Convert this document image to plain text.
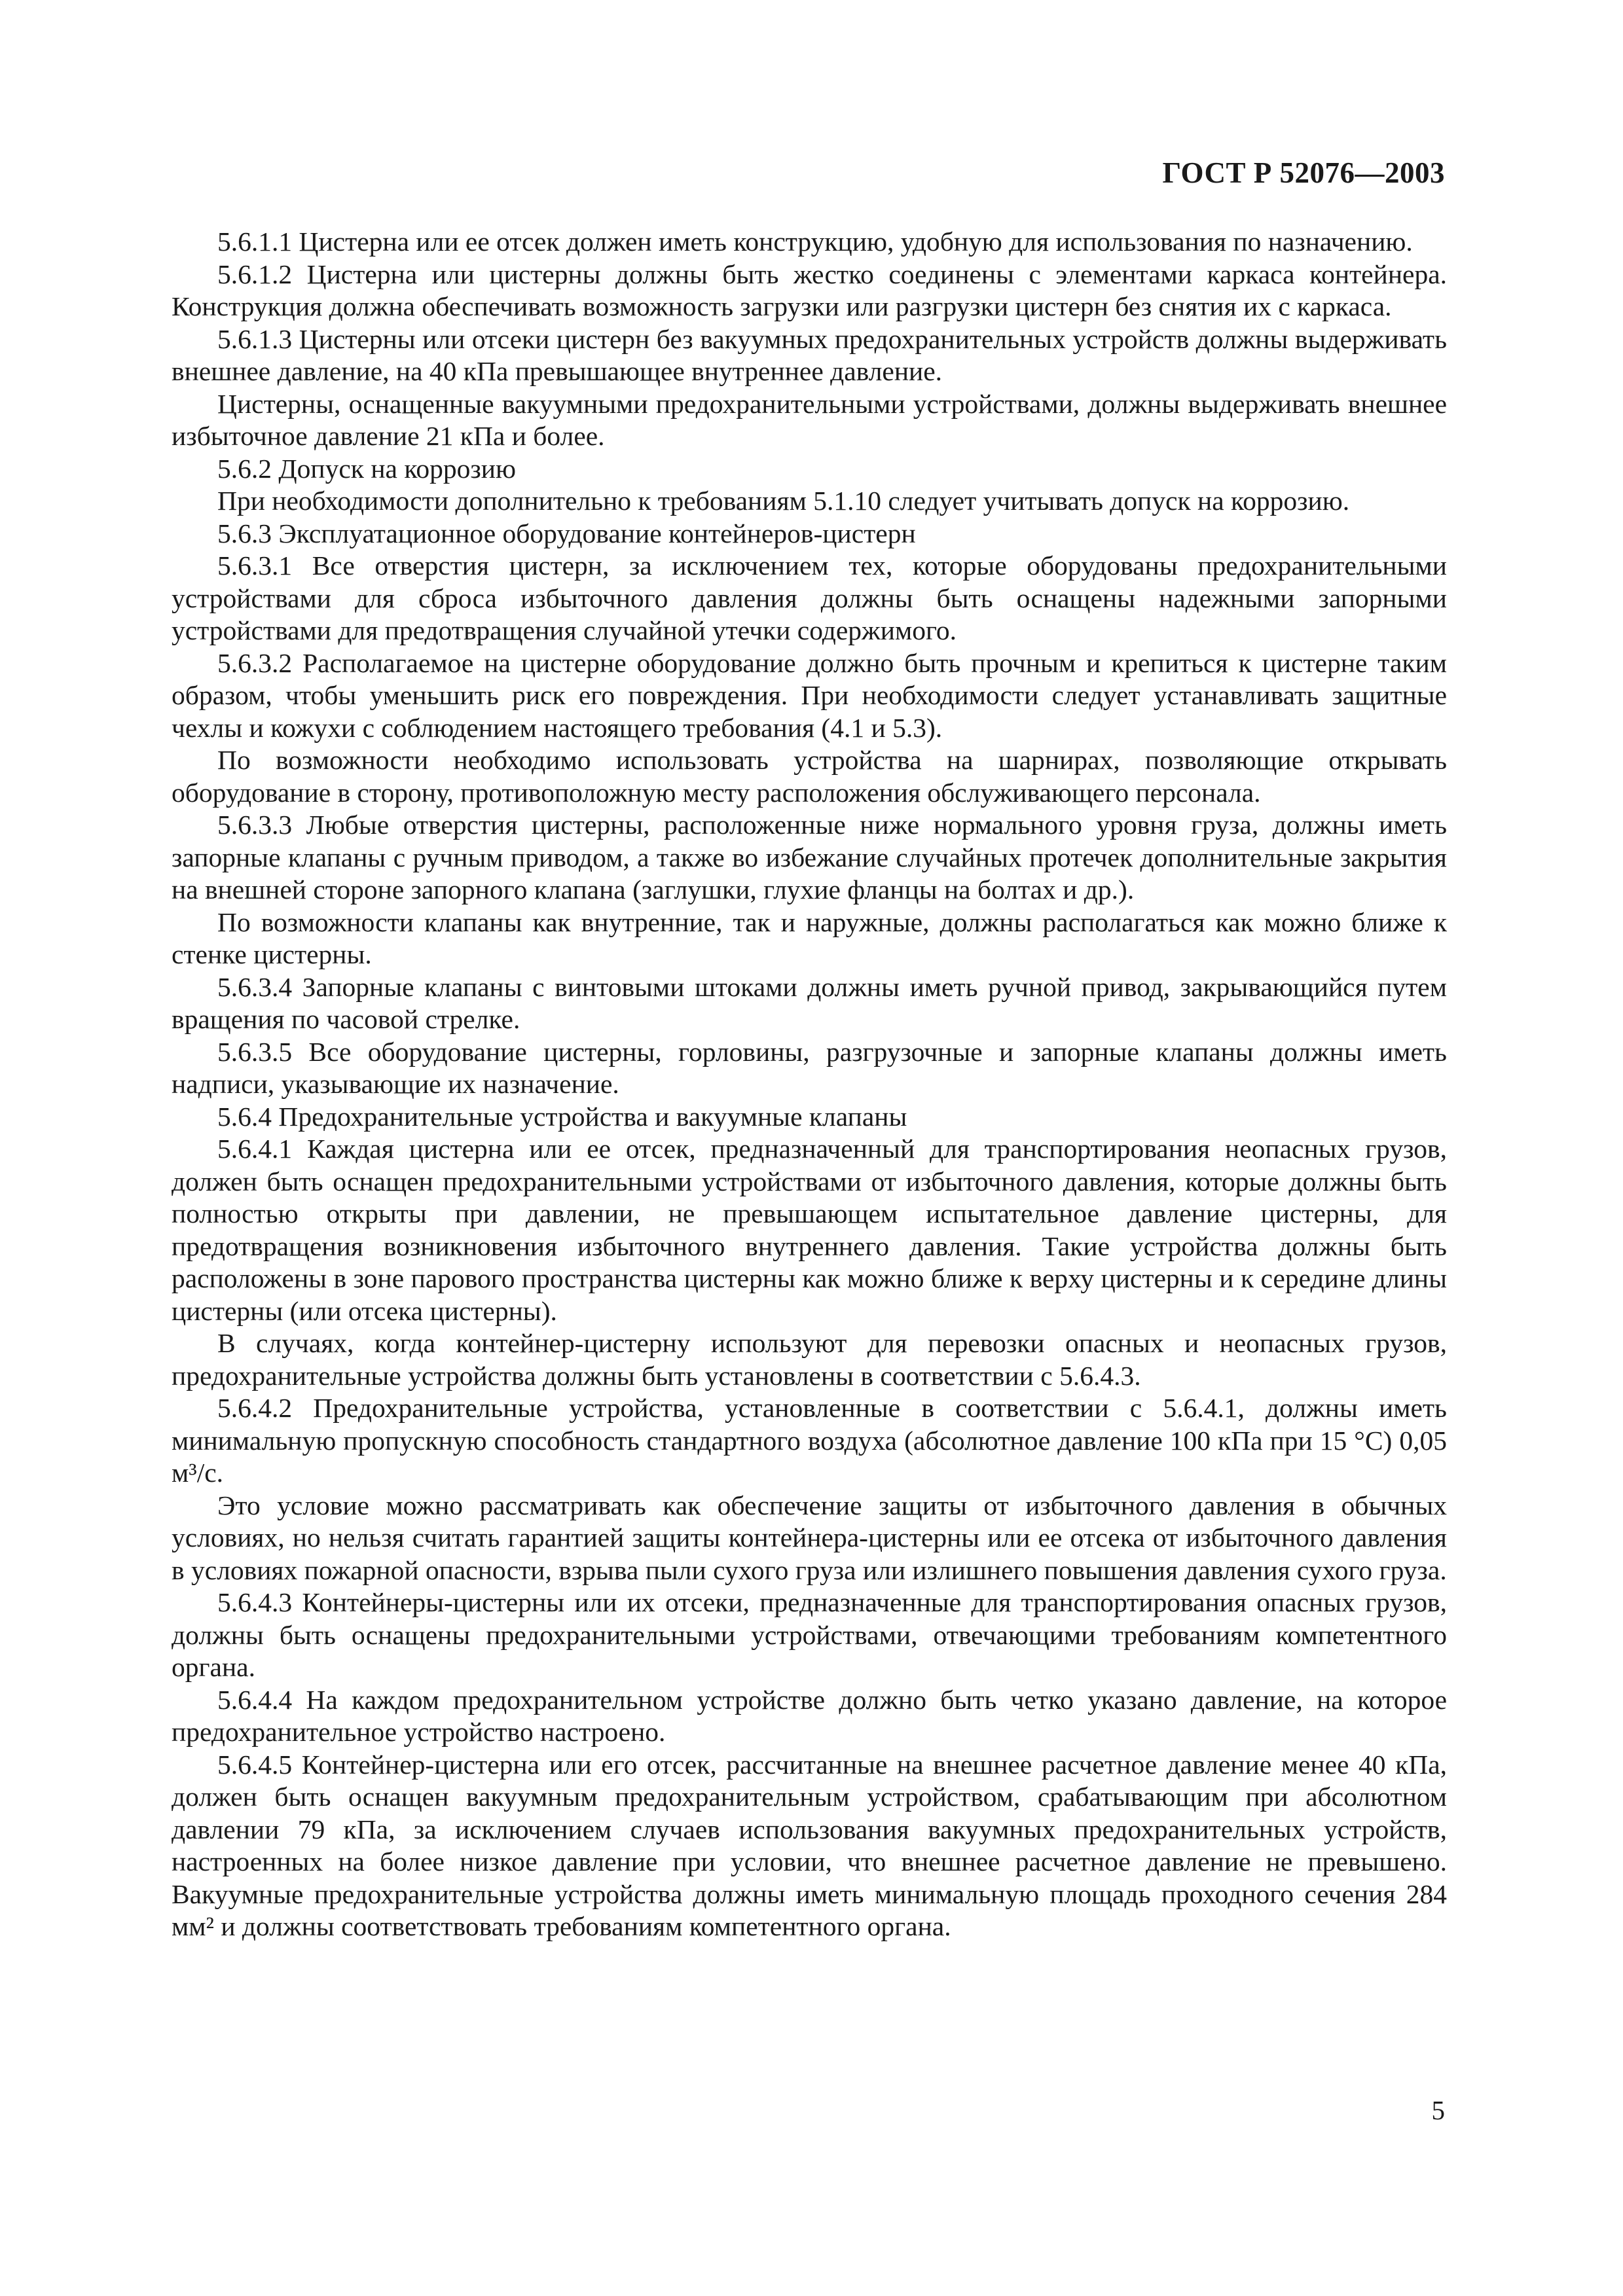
ГОСТ Р 52076—2003

5.6.1.1 Цистерна или ее отсек должен иметь конструкцию, удобную для использования по назначению.

5.6.1.2 Цистерна или цистерны должны быть жестко соединены с элементами каркаса контейнера. Конструкция должна обеспечивать возможность загрузки или разгрузки цистерн без снятия их с каркаса.

5.6.1.3 Цистерны или отсеки цистерн без вакуумных предохранительных устройств должны выдерживать внешнее давление, на 40 кПа превышающее внутреннее давление.

Цистерны, оснащенные вакуумными предохранительными устройствами, должны выдерживать внешнее избыточное давление 21 кПа и более.

5.6.2 Допуск на коррозию

При необходимости дополнительно к требованиям 5.1.10 следует учитывать допуск на коррозию.

5.6.3 Эксплуатационное оборудование контейнеров-цистерн

5.6.3.1 Все отверстия цистерн, за исключением тех, которые оборудованы предохранительными устройствами для сброса избыточного давления должны быть оснащены надежными запорными устройствами для предотвращения случайной утечки содержимого.

5.6.3.2 Располагаемое на цистерне оборудование должно быть прочным и крепиться к цистерне таким образом, чтобы уменьшить риск его повреждения. При необходимости следует устанавливать защитные чехлы и кожухи с соблюдением настоящего требования (4.1 и 5.3).

По возможности необходимо использовать устройства на шарнирах, позволяющие открывать оборудование в сторону, противоположную месту расположения обслуживающего персонала.

5.6.3.3 Любые отверстия цистерны, расположенные ниже нормального уровня груза, должны иметь запорные клапаны с ручным приводом, а также во избежание случайных протечек дополнительные закрытия на внешней стороне запорного клапана (заглушки, глухие фланцы на болтах и др.).

По возможности клапаны как внутренние, так и наружные, должны располагаться как можно ближе к стенке цистерны.

5.6.3.4 Запорные клапаны с винтовыми штоками должны иметь ручной привод, закрывающийся путем вращения по часовой стрелке.

5.6.3.5 Все оборудование цистерны, горловины, разгрузочные и запорные клапаны должны иметь надписи, указывающие их назначение.

5.6.4 Предохранительные устройства и вакуумные клапаны

5.6.4.1 Каждая цистерна или ее отсек, предназначенный для транспортирования неопасных грузов, должен быть оснащен предохранительными устройствами от избыточного давления, которые должны быть полностью открыты при давлении, не превышающем испытательное давление цистерны, для предотвращения возникновения избыточного внутреннего давления. Такие устройства должны быть расположены в зоне парового пространства цистерны как можно ближе к верху цистерны и к середине длины цистерны (или отсека цистерны).

В случаях, когда контейнер-цистерну используют для перевозки опасных и неопасных грузов, предохранительные устройства должны быть установлены в соответствии с 5.6.4.3.

5.6.4.2 Предохранительные устройства, установленные в соответствии с 5.6.4.1, должны иметь минимальную пропускную способность стандартного воздуха (абсолютное давление 100 кПа при 15 °С) 0,05 м³/с.

Это условие можно рассматривать как обеспечение защиты от избыточного давления в обычных условиях, но нельзя считать гарантией защиты контейнера-цистерны или ее отсека от избыточного давления в условиях пожарной опасности, взрыва пыли сухого груза или излишнего повышения давления сухого груза.

5.6.4.3 Контейнеры-цистерны или их отсеки, предназначенные для транспортирования опасных грузов, должны быть оснащены предохранительными устройствами, отвечающими требованиям компетентного органа.

5.6.4.4 На каждом предохранительном устройстве должно быть четко указано давление, на которое предохранительное устройство настроено.

5.6.4.5 Контейнер-цистерна или его отсек, рассчитанные на внешнее расчетное давление менее 40 кПа, должен быть оснащен вакуумным предохранительным устройством, срабатывающим при абсолютном давлении 79 кПа, за исключением случаев использования вакуумных предохранительных устройств, настроенных на более низкое давление при условии, что внешнее расчетное давление не превышено. Вакуумные предохранительные устройства должны иметь минимальную площадь проходного сечения 284 мм² и должны соответствовать требованиям компетентного органа.

5
